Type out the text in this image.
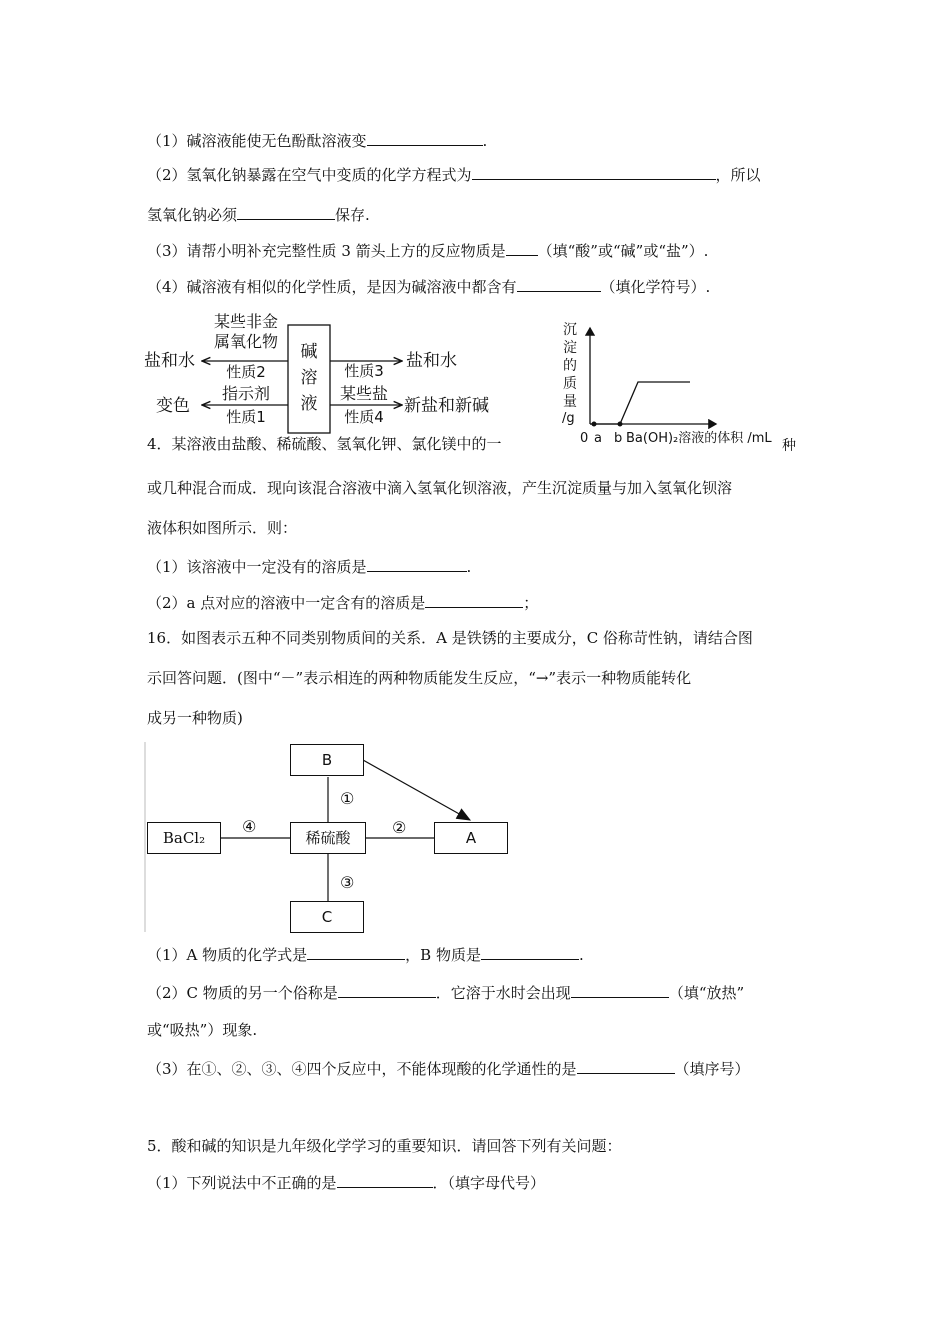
（1）碱溶液能使无色酚酞溶液变	.
（2）氢氧化钠暴露在空气中变质的化学方程式为	，所以
氢氧化钠必须	保存.
（3）请帮小明补充完整性质 3 箭头上方的反应物质是 （填“酸”或“碱”或“盐”）.
（4）碱溶液有相似的化学性质，是因为碱溶液中都含有	（填化学符号）.
碱
溶
液
某些非金
属氧化物
性质2
指示剂
性质1
盐和水
变色
性质3
某些盐
性质4
盐和水
新盐和新碱
沉
淀
的
质
量
/g
0 a b Ba(OH)₂溶液的体积 /mL
4．某溶液由盐酸、稀硫酸、氢氧化钾、氯化镁中的一	种
或几种混合而成．现向该混合溶液中滴入氢氧化钡溶液，产生沉淀质量与加入氢氧化钡溶
液体积如图所示．则：
（1）该溶液中一定没有的溶质是	.
（2）a 点对应的溶液中一定含有的溶质是	；
16．如图表示五种不同类别物质间的关系．A 是铁锈的主要成分，C 俗称苛性钠，请结合图
示回答问题．(图中“－”表示相连的两种物质能发生反应，“→”表示一种物质能转化
成另一种物质)
①
②
③
④
B
BaCl₂	稀硫酸	A
C
（1）A 物质的化学式是	，B 物质是	.
（2）C 物质的另一个俗称是	．它溶于水时会出现	（填“放热”
或“吸热”）现象.
（3）在①、②、③、④四个反应中，不能体现酸的化学通性的是	（填序号）
5．酸和碱的知识是九年级化学学习的重要知识．请回答下列有关问题：
（1）下列说法中不正确的是	．（填字母代号）
